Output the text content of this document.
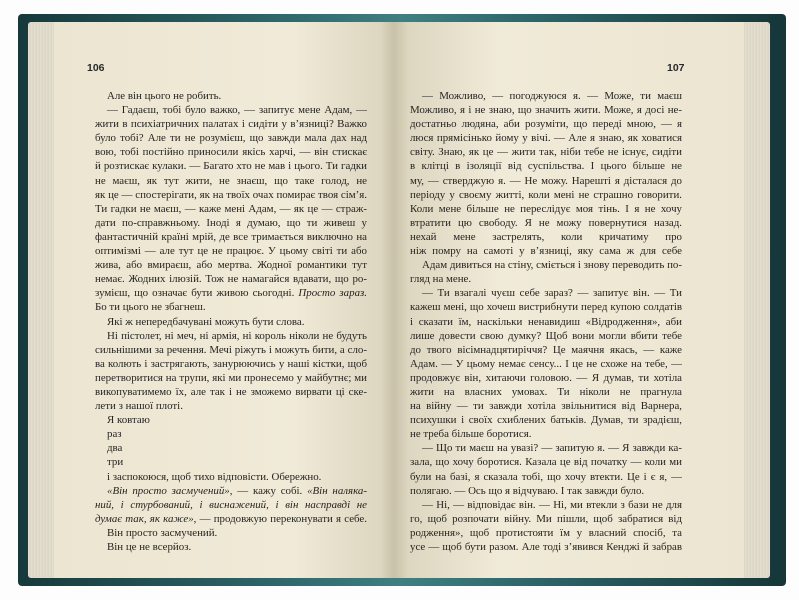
106	107
Але він цього не робить.
— Гадаєш, тобі було важко, — запитує мене Адам, —
жити в психіатричних палатах і сидіти у в’язниці? Важко
було тобі? Але ти не розумієш, що завжди мала дах над
вою, тобі постійно приносили якісь харчі, — він стискає
й розтискає кулаки. — Багато хто не мав і цього. Ти гадки
не маєш, як тут жити, не знаєш, що таке голод, не
як це — спостерігати, як на твоїх очах помирає твоя сім’я.
Ти гадки не маєш, — каже мені Адам, — як це — страж-
дати по-справжньому. Іноді я думаю, що ти живеш у
фантастичній країні мрій, де все тримається виключно на
оптимізмі — але тут це не працює. У цьому світі ти або
жива, або вмираєш, або мертва. Жодної романтики тут
немає. Жодних ілюзій. Тож не намагайся вдавати, що ро-
зумієш, що означає бути живою сьогодні. Просто зараз.
Бо ти цього не збагнеш.
Які ж непередбачувані можуть бути слова.
Ні пістолет, ні меч, ні армія, ні король ніколи не будуть
сильнішими за речення. Мечі ріжуть і можуть бити, а сло-
ва колють і застрягають, занурюючись у наші кістки, щоб
перетворитися на трупи, які ми пронесемо у майбутнє; ми
викопуватимемо їх, але так і не зможемо вирвати ці ске-
лети з нашої плоті.
Я ковтаю
раз
два
три
і заспокоюся, щоб тихо відповісти. Обережно.
«Він просто засмучений», — кажу собі. «Він наляка-
ний, і стурбований, і виснажений, і він насправді не
думає так, як каже», — продовжую переконувати я себе.
Він просто засмучений.
Він це не всерйоз.
— Можливо, — погоджуюся я. — Може, ти маєш
Можливо, я і не знаю, що значить жити. Може, я досі не-
достатньо людяна, аби розуміти, що переді мною, — я
люся прямісінько йому у вічі. — Але я знаю, як ховатися
світу. Знаю, як це — жити так, ніби тебе не існує, сидіти
в клітці в ізоляції від суспільства. І цього більше не
му, — стверджую я. — Не можу. Нарешті я дісталася до
періоду у своєму житті, коли мені не страшно говорити.
Коли мене більше не переслідує моя тінь. І я не хочу
втратити цю свободу. Я не можу повернутися назад.
нехай мене застрелять, коли кричатиму про
ніж помру на самоті у в’язниці, яку сама ж для себе
Адам дивиться на стіну, сміється і знову переводить по-
гляд на мене.
— Ти взагалі чуєш себе зараз? — запитує він. — Ти
кажеш мені, що хочеш вистрибнути перед купою солдатів
і сказати їм, наскільки ненавидиш «Відродження», аби
лише довести свою думку? Щоб вони могли вбити тебе
до твого вісімнадцятиріччя? Це маячня якась, — каже
Адам. — У цьому немає сенсу... І це не схоже на тебе, —
продовжує він, хитаючи головою. — Я думав, ти хотіла
жити на власних умовах. Ти ніколи не прагнула
на війну — ти завжди хотіла звільнитися від Варнера,
психушки і своїх схиблених батьків. Думав, ти зрадієш,
не треба більше боротися.
— Що ти маєш на увазі? — запитую я. — Я завжди ка-
зала, що хочу боротися. Казала це від початку — коли ми
були на базі, я сказала тобі, що хочу втекти. Це і є я, —
полягаю. — Ось що я відчуваю. І так завжди було.
— Ні, — відповідає він. — Ні, ми втекли з бази не для
го, щоб розпочати війну. Ми пішли, щоб забратися від
родження», щоб протистояти їм у власний спосіб, та
усе — щоб бути разом. Але тоді з’явився Кенджі й забрав
